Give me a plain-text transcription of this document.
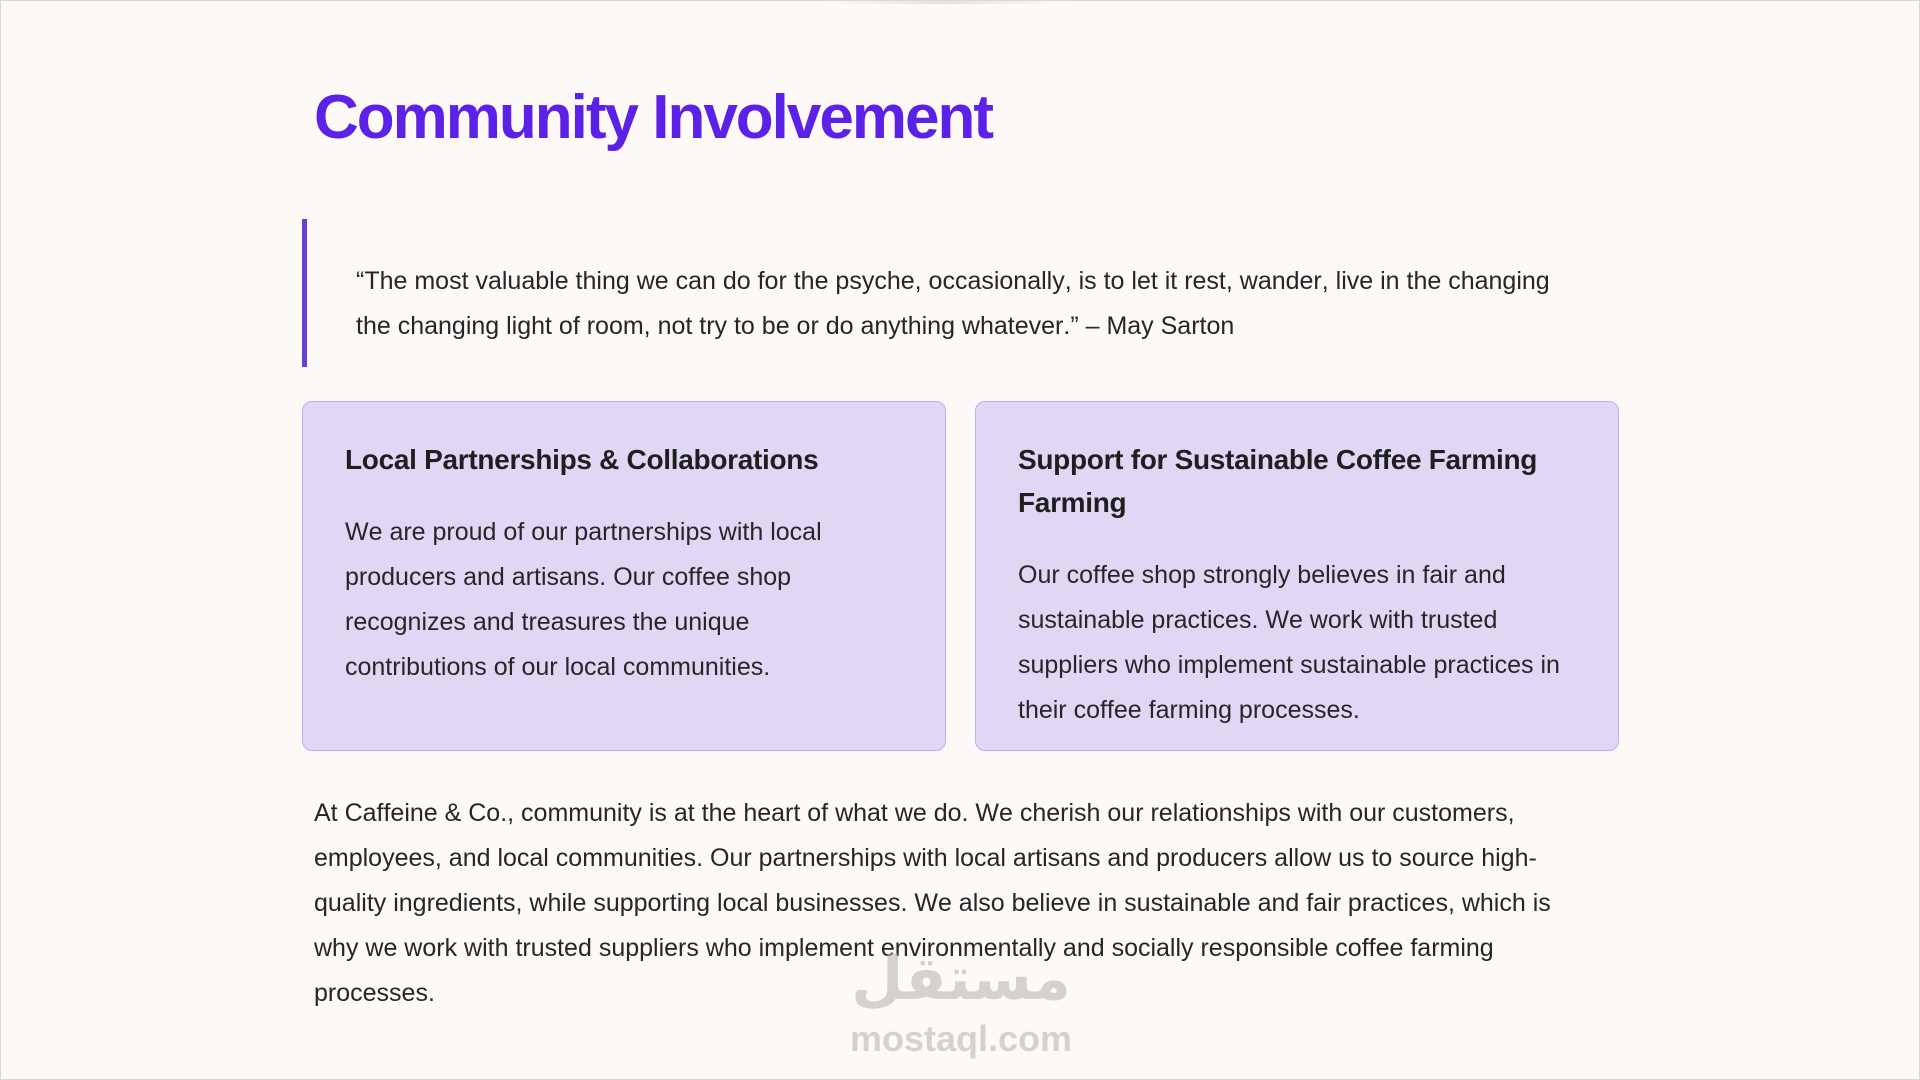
Community Involvement

“The most valuable thing we can do for the psyche, occasionally, is to let it rest, wander, live in the changing the changing light of room, not try to be or do anything whatever.” – May Sarton

Local Partnerships & Collaborations

We are proud of our partnerships with local producers and artisans. Our coffee shop recognizes and treasures the unique contributions of our local communities.

Support for Sustainable Coffee Farming Farming

Our coffee shop strongly believes in fair and sustainable practices. We work with trusted suppliers who implement sustainable practices in their coffee farming processes.

At Caffeine & Co., community is at the heart of what we do. We cherish our relationships with our customers, employees, and local communities. Our partnerships with local artisans and producers allow us to source high-quality ingredients, while supporting local businesses. We also believe in sustainable and fair practices, which is why we work with trusted suppliers who implement environmentally and socially responsible coffee farming processes.	مستقل
mostaql.com
